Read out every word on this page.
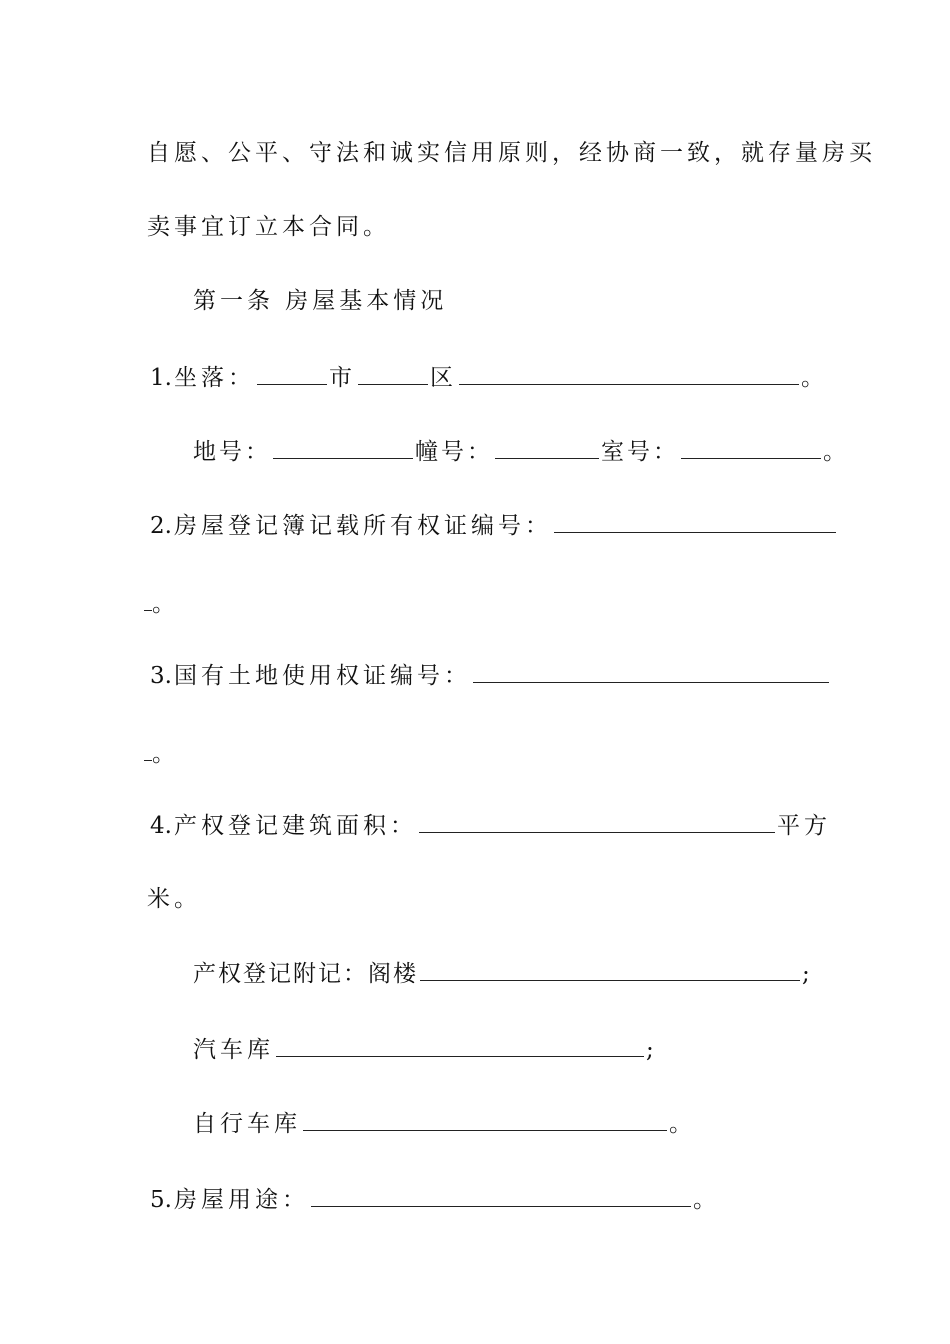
自愿、公平、守法和诚实信用原则，经协商一致，就存量房买
卖事宜订立本合同。
第一条 房屋基本情况
1.坐落：	市	区	。
地号：	幢号：	室号：	。
2.房屋登记簿记载所有权证编号：
。
3.国有土地使用权证编号：
。
4.产权登记建筑面积：	平方
米。
产权登记附记：阁楼	;
汽车库	;
自行车库	。
5.房屋用途：	。
